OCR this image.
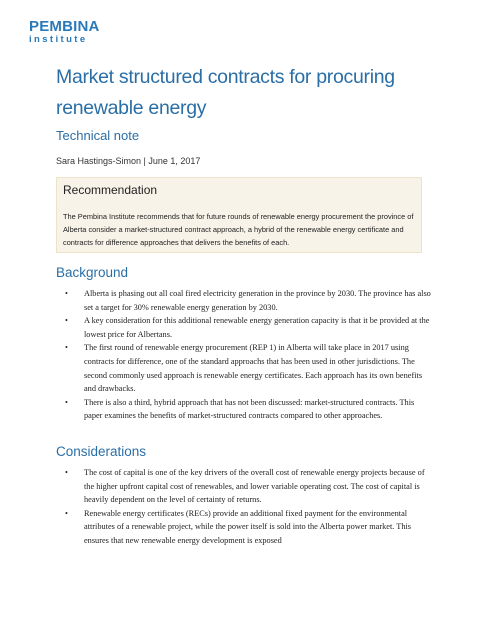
PEMBINA
institute
Market structured contracts for procuring renewable energy
Technical note
Sara Hastings-Simon | June 1, 2017
Recommendation

The Pembina Institute recommends that for future rounds of renewable energy procurement the province of Alberta consider a market-structured contract approach, a hybrid of the renewable energy certificate and contracts for difference approaches that delivers the benefits of each.

Background
• Alberta is phasing out all coal fired electricity generation in the province by 2030. The province has also set a target for 30% renewable energy generation by 2030.
• A key consideration for this additional renewable energy generation capacity is that it be provided at the lowest price for Albertans.
• The first round of renewable energy procurement (REP 1) in Alberta will take place in 2017 using contracts for difference, one of the standard approachs that has been used in other jurisdictions. The second commonly used approach is renewable energy certificates. Each approach has its own benefits and drawbacks.
• There is also a third, hybrid approach that has not been discussed: market-structured contracts. This paper examines the benefits of market-structured contracts compared to other approaches.
Considerations
• The cost of capital is one of the key drivers of the overall cost of renewable energy projects because of the higher upfront capital cost of renewables, and lower variable operating cost. The cost of capital is heavily dependent on the level of certainty of returns.
• Renewable energy certificates (RECs) provide an additional fixed payment for the environmental attributes of a renewable project, while the power itself is sold into the Alberta power market. This ensures that new renewable energy development is exposed
